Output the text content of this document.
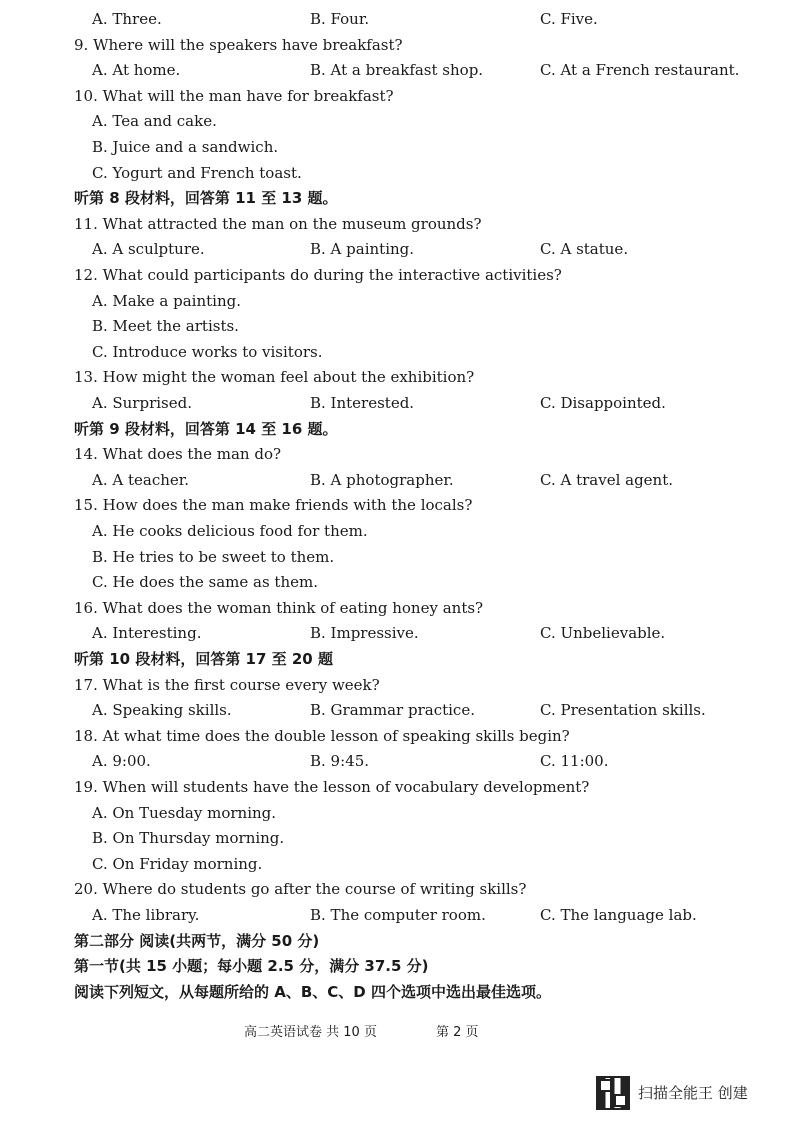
A. Three.	B. Four.	C. Five.
9. Where will the speakers have breakfast?
A. At home.	B. At a breakfast shop.	C. At a French restaurant.
10. What will the man have for breakfast?
A. Tea and cake.
B. Juice and a sandwich.
C. Yogurt and French toast.
听第 8 段材料，回答第 11 至 13 题。
11. What attracted the man on the museum grounds?
A. A sculpture.	B. A painting.	C. A statue.
12. What could participants do during the interactive activities?
A. Make a painting.
B. Meet the artists.
C. Introduce works to visitors.
13. How might the woman feel about the exhibition?
A. Surprised.	B. Interested.	C. Disappointed.
听第 9 段材料，回答第 14 至 16 题。
14. What does the man do?
A. A teacher.	B. A photographer.	C. A travel agent.
15. How does the man make friends with the locals?
A. He cooks delicious food for them.
B. He tries to be sweet to them.
C. He does the same as them.
16. What does the woman think of eating honey ants?
A. Interesting.	B. Impressive.	C. Unbelievable.
听第 10 段材料，回答第 17 至 20 题
17. What is the first course every week?
A. Speaking skills.	B. Grammar practice.	C. Presentation skills.
18. At what time does the double lesson of speaking skills begin?
A. 9:00.	B. 9:45.	C. 11:00.
19. When will students have the lesson of vocabulary development?
A. On Tuesday morning.
B. On Thursday morning.
C. On Friday morning.
20. Where do students go after the course of writing skills?
A. The library.	B. The computer room.	C. The language lab.
第二部分 阅读(共两节，满分 50 分)
第一节(共 15 小题；每小题 2.5 分，满分 37.5 分)
阅读下列短文，从每题所给的 A、B、C、D 四个选项中选出最佳选项。
高二英语试卷 共 10 页	第 2 页
扫描全能王 创建
